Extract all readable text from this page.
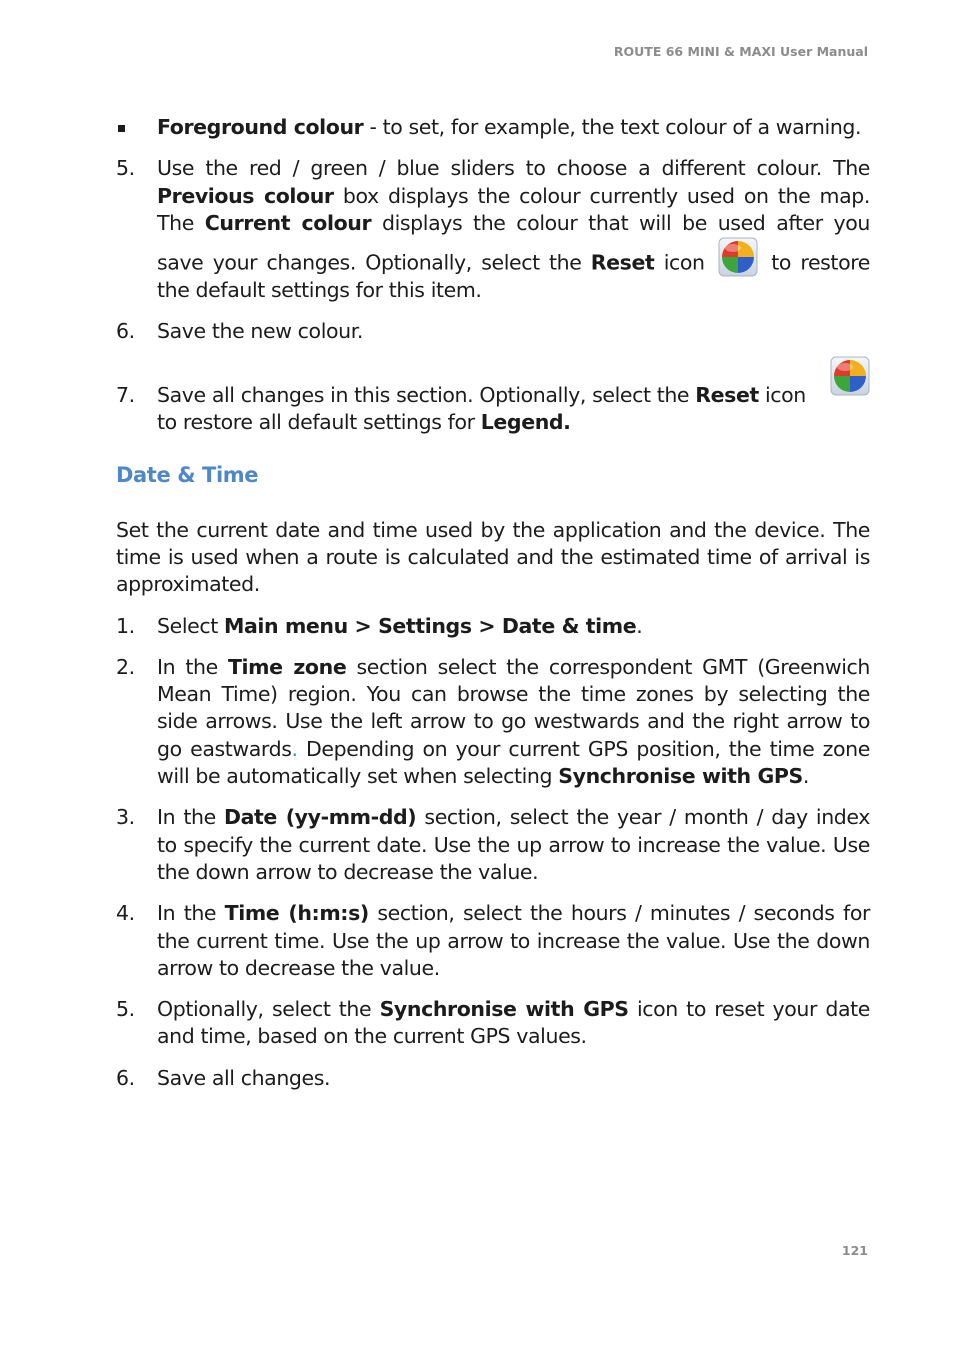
ROUTE 66 MINI & MAXI User Manual
Foreground colour - to set, for example, the text colour of a warning.
5. Use the red / green / blue sliders to choose a different colour. The Previous colour box displays the colour currently used on the map. The Current colour displays the colour that will be used after you save your changes. Optionally, select the Reset icon	to restore the default settings for this item.
6. Save the new colour.
7. Save all changes in this section. Optionally, select the Reset icon

to restore all default settings for Legend.
Date & Time
Set the current date and time used by the application and the device. The time is used when a route is calculated and the estimated time of arrival is approximated.
1. Select Main menu > Settings > Date & time.
2. In the Time zone section select the correspondent GMT (Greenwich Mean Time) region. You can browse the time zones by selecting the side arrows. Use the left arrow to go westwards and the right arrow to go eastwards. Depending on your current GPS position, the time zone will be automatically set when selecting Synchronise with GPS.
3. In the Date (yy-mm-dd) section, select the year / month / day index to specify the current date. Use the up arrow to increase the value. Use the down arrow to decrease the value.
4. In the Time (h:m:s) section, select the hours / minutes / seconds for the current time. Use the up arrow to increase the value. Use the down arrow to decrease the value.
5. Optionally, select the Synchronise with GPS icon to reset your date and time, based on the current GPS values.
6. Save all changes.
121
